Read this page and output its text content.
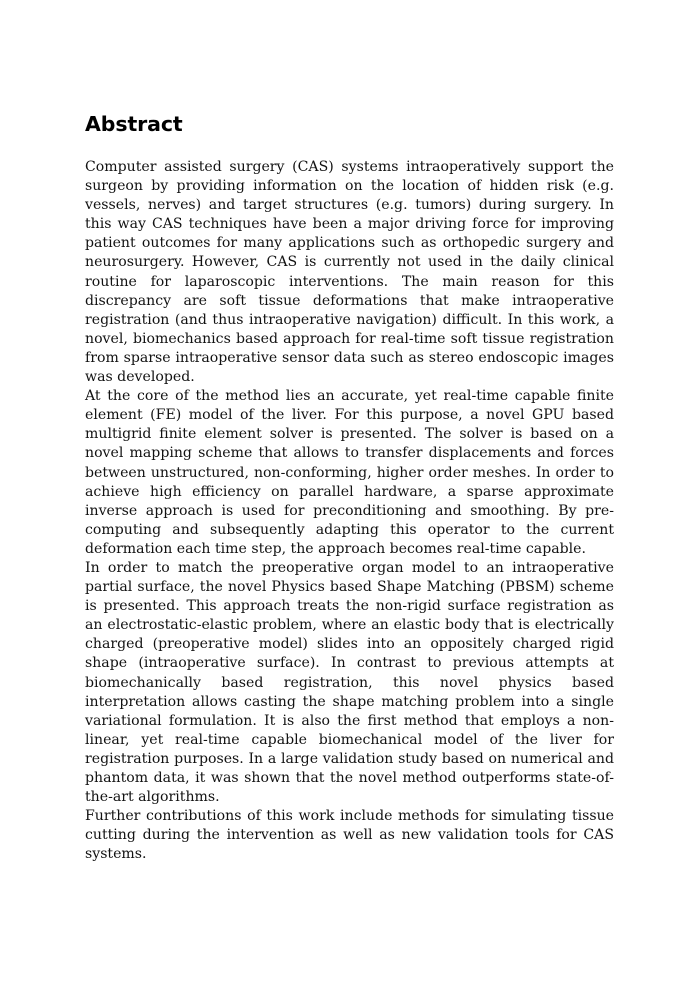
Abstract

Computer assisted surgery (CAS) systems intraoperatively support the surgeon by providing information on the location of hidden risk (e.g. vessels, nerves) and target structures (e.g. tumors) during surgery. In this way CAS techniques have been a major driving force for improving patient outcomes for many applications such as orthopedic surgery and neurosurgery. However, CAS is currently not used in the daily clinical routine for laparoscopic interventions. The main reason for this discrepancy are soft tissue deformations that make intraoperative registration (and thus intraoperative navigation) difficult. In this work, a novel, biomechanics based approach for real-time soft tissue registration from sparse intraoperative sensor data such as stereo endoscopic images was developed.

At the core of the method lies an accurate, yet real-time capable finite element (FE) model of the liver. For this purpose, a novel GPU based multigrid finite element solver is presented. The solver is based on a novel mapping scheme that allows to transfer displacements and forces between unstructured, non-conforming, higher order meshes. In order to achieve high efficiency on parallel hardware, a sparse approximate inverse approach is used for preconditioning and smoothing. By pre-computing and subsequently adapting this operator to the current deformation each time step, the approach becomes real-time capable.

In order to match the preoperative organ model to an intraoperative partial surface, the novel Physics based Shape Matching (PBSM) scheme is presented. This approach treats the non-rigid surface registration as an electrostatic-elastic problem, where an elastic body that is electrically charged (preoperative model) slides into an oppositely charged rigid shape (intraoperative surface). In contrast to previous attempts at biomechanically based registration, this novel physics based interpretation allows casting the shape matching problem into a single variational formulation. It is also the first method that employs a non-linear, yet real-time capable biomechanical model of the liver for registration purposes. In a large validation study based on numerical and phantom data, it was shown that the novel method outperforms state-of-the-art algorithms.

Further contributions of this work include methods for simulating tissue cutting during the intervention as well as new validation tools for CAS systems.
